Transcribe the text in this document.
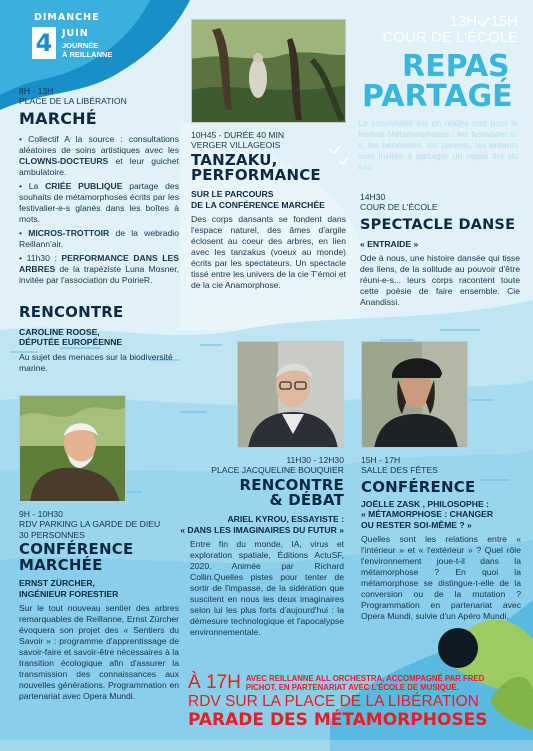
DIMANCHE
4	JUIN
JOURNÉE
À REILLANNE
8H - 13H
PLACE DE LA LIBÉRATION
MARCHÉ
• Collectif A la source : consultations aléatoires de soins artistiques avec les CLOWNS-DOCTEURS et leur guichet ambulatoire.
• La CRIÉE PUBLIQUE partage des souhaits de métamorphoses écrits par les festivalier-e-s glanés dans les boîtes à mots.
• MICROS-TROTTOIR de la webradio Reillann'air.
• 11h30 : PERFORMANCE DANS LES ARBRES de la trapéziste Luna Mosner, invitée par l'association du PoirieR.
RENCONTRE
CAROLINE ROOSE,
DÉPUTÉE EUROPÉENNE
Au sujet des menaces sur la biodiversité marine.
10H45 - DURÉE 40 MIN
VERGER VILLAGEOIS
TANZAKU,
PERFORMANCE
SUR LE PARCOURS
DE LA CONFÉRENCE MARCHÉE
Des corps dansants se fondent dans l'espace naturel, des âmes d'argile éclosent au coeur des arbres, en lien avec les tanzakus (voeux au monde) écrits par les spectateurs. Un spectacle tissé entre les univers de la cie T'émoi et de la cie Anamorphose.
13H - 15H
COUR DE L'ÉCOLE
REPAS
PARTAGÉ
La convivialité est un maître mot pour le festival Métamorphoses : les festivalier-e-s, les bénévoles, les parents, les enfants sont invités à partager un repas tiré du sac.
14H30
COUR DE L'ÉCOLE
SPECTACLE DANSE
« ENTRAIDE »
Ode à nous, une histoire dansée qui tisse des liens, de la solitude au pouvoir d'être réuni-e-s... leurs corps racontent toute cette poésie de faire ensemble. Cie Anandissi.
9H - 10H30
RDV PARKING LA GARDE DE DIEU
30 PERSONNES
CONFÉRENCE
MARCHÉE
ERNST ZÜRCHER,
INGÉNIEUR FORESTIER
Sur le tout nouveau sentier des arbres remarquables de Reillanne, Ernst Zürcher évoquera son projet des « Sentiers du Savoir » : programme d'apprentissage de savoir-faire et savoir-être nécessaires à la transition écologique afin d'assurer la transmission des connaissances aux nouvelles générations. Programmation en partenariat avec Opera Mundi.
11H30 - 12H30
PLACE JACQUELINE BOUQUIER
RENCONTRE
& DÉBAT
ARIEL KYROU, ESSAYISTE :
« DANS LES IMAGINAIRES DU FUTUR »
Entre fin du monde, IA, virus et exploration spatiale, Éditions ActuSF, 2020. Animée par Richard Collin.Quelles pistes pour tenter de sortir de l'impasse, de la sidération que suscitent en nous les deux imaginaires selon lui les plus forts d'aujourd'hui : la démesure technologique et l'apocalypse environnementale.
15H - 17H
SALLE DES FÊTES
CONFÉRENCE
JOËLLE ZASK , PHILOSOPHE :
« MÉTAMORPHOSE : CHANGER
OU RESTER SOI-MÊME ? »
Quelles sont les relations entre « l'intérieur » et « l'extérieur » ? Quel rôle l'environnement joue-t-il dans la métamorphose ? En quoi la métamorphose se distingue-t-elle de la conversion ou de la mutation ? Programmation en partenariat avec Opera Mundi, suivie d'un Apéro Mundi.
À 17H AVEC REILLANNE ALL ORCHESTRA, ACCOMPAGNÉ PAR FRED
PICHOT. EN PARTENARIAT AVEC L'ÉCOLE DE MUSIQUE.
RDV SUR LA PLACE DE LA LIBÉRATION
PARADE DES MÉTAMORPHOSES
